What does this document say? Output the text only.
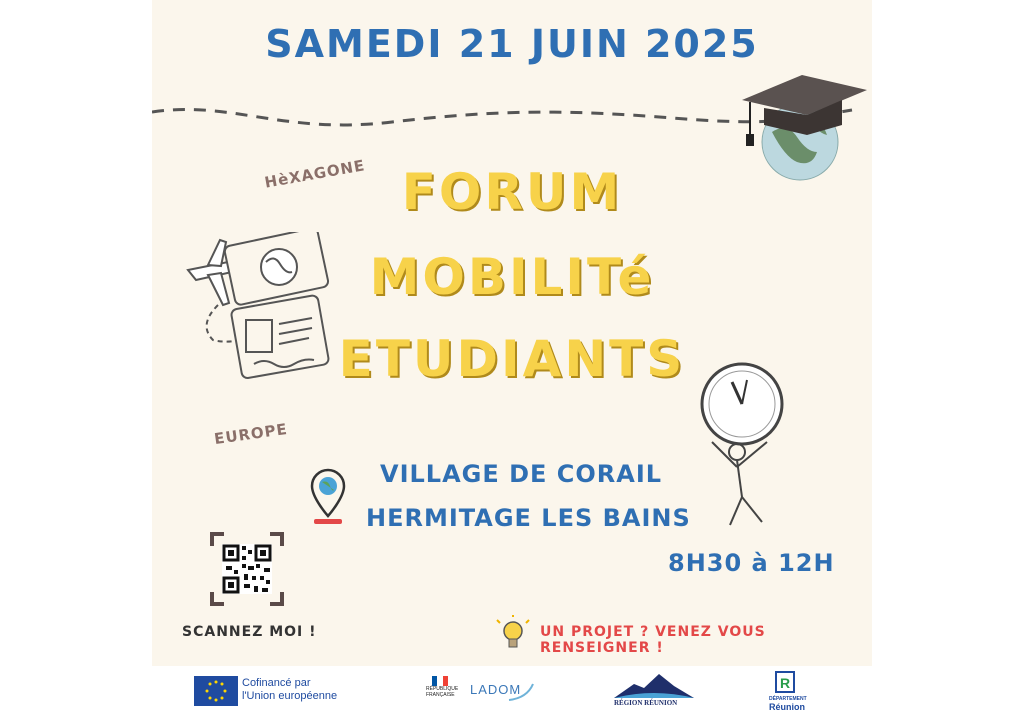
SAMEDI 21 JUIN 2025
HèXAGONE FORUM
MOBILITé
ETUDIANTS
EUROPE
VILLAGE DE CORAIL
HERMITAGE LES BAINS
8H30 à 12H
SCANNEZ MOI !	UN PROJET ? VENEZ VOUS RENSEIGNER !
Cofinancé par
l'Union européenne
RÉPUBLIQUE
FRANÇAISE LADOM
RÉGION RÉUNION
R
DÉPARTEMENT
Réunion
